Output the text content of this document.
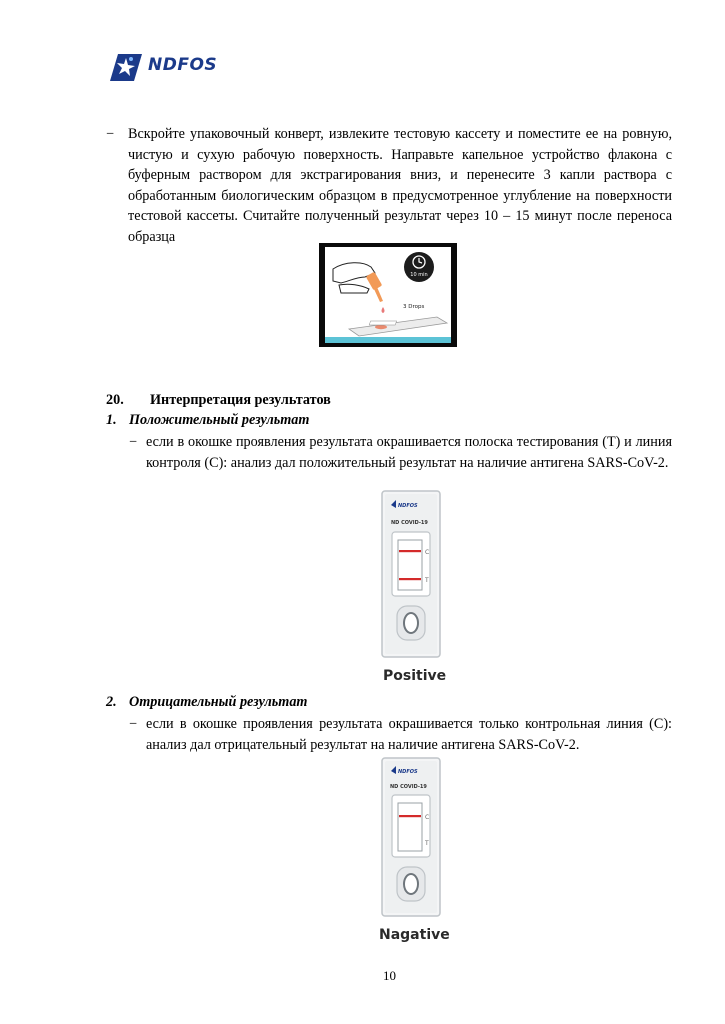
NDFOS
− Вскройте упаковочный конверт, извлеките тестовую кассету и поместите ее на ровную, чистую и сухую рабочую поверхность. Направьте капельное устройство флакона с буферным раствором для экстрагирования вниз, и перенесите 3 капли раствора с обработанным биологическим образцом в предусмотренное углубление на поверхности тестовой кассеты. Считайте полученный результат через 10 – 15 минут после переноса образца
10 min
3 Drops
20. Интерпретация результатов
1. Положительный результат
− если в окошке проявления результата окрашивается полоска тестирования (T) и линия контроля (C): анализ дал положительный результат на наличие антигена SARS-CoV-2.
NDFOS
ND COVID-19
C
T
Positive
2. Отрицательный результат
− если в окошке проявления результата окрашивается только контрольная линия (C): анализ дал отрицательный результат на наличие антигена SARS-CoV-2.
NDFOS
ND COVID-19
C
T
Nagative
10
